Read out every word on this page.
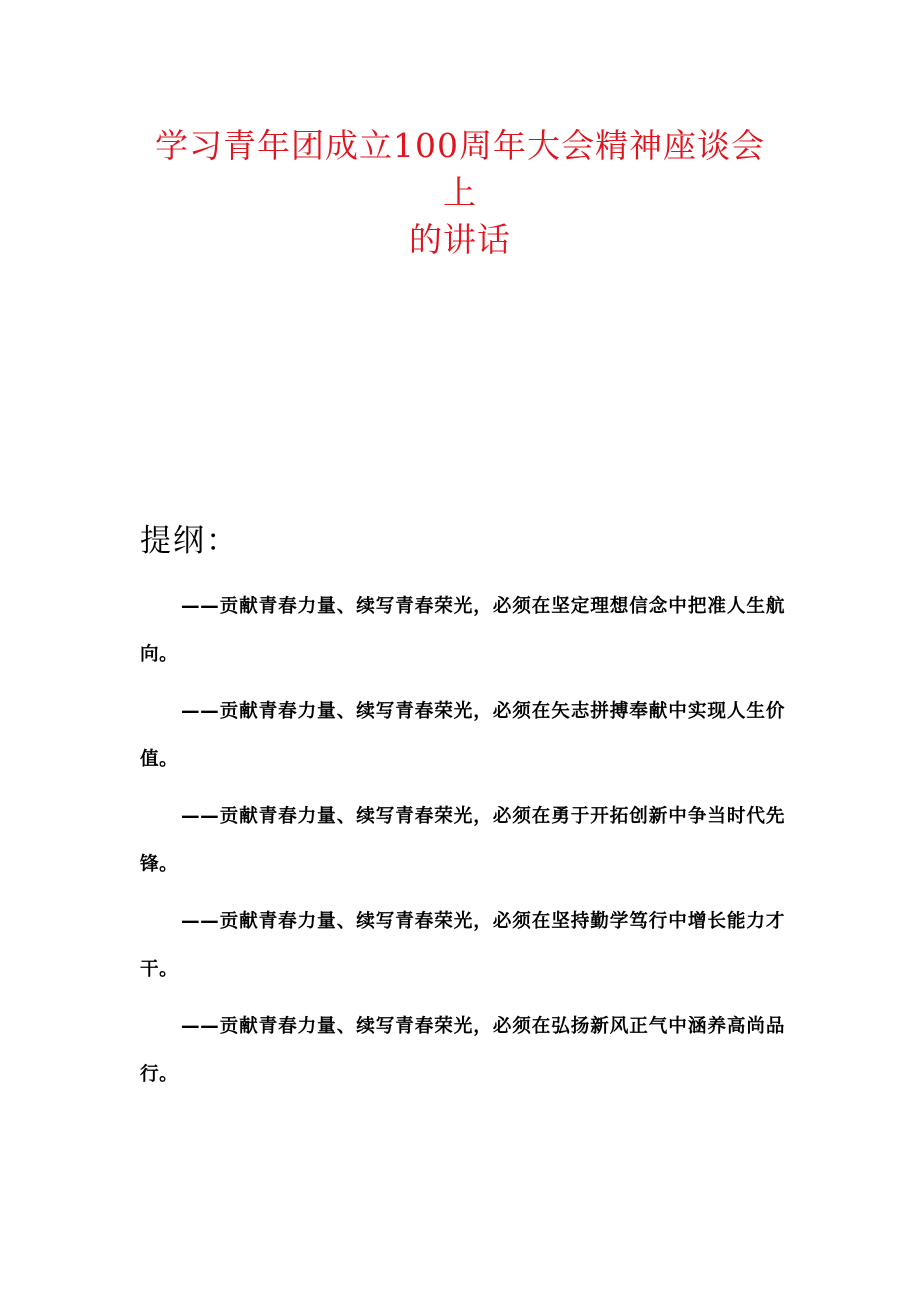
学习青年团成立100周年大会精神座谈会
上
的讲话
提纲：

——贡献青春力量、续写青春荣光，必须在坚定理想信念中把准人生航向。

——贡献青春力量、续写青春荣光，必须在矢志拼搏奉献中实现人生价值。

——贡献青春力量、续写青春荣光，必须在勇于开拓创新中争当时代先锋。

——贡献青春力量、续写青春荣光，必须在坚持勤学笃行中增长能力才干。

——贡献青春力量、续写青春荣光，必须在弘扬新风正气中涵养高尚品行。
